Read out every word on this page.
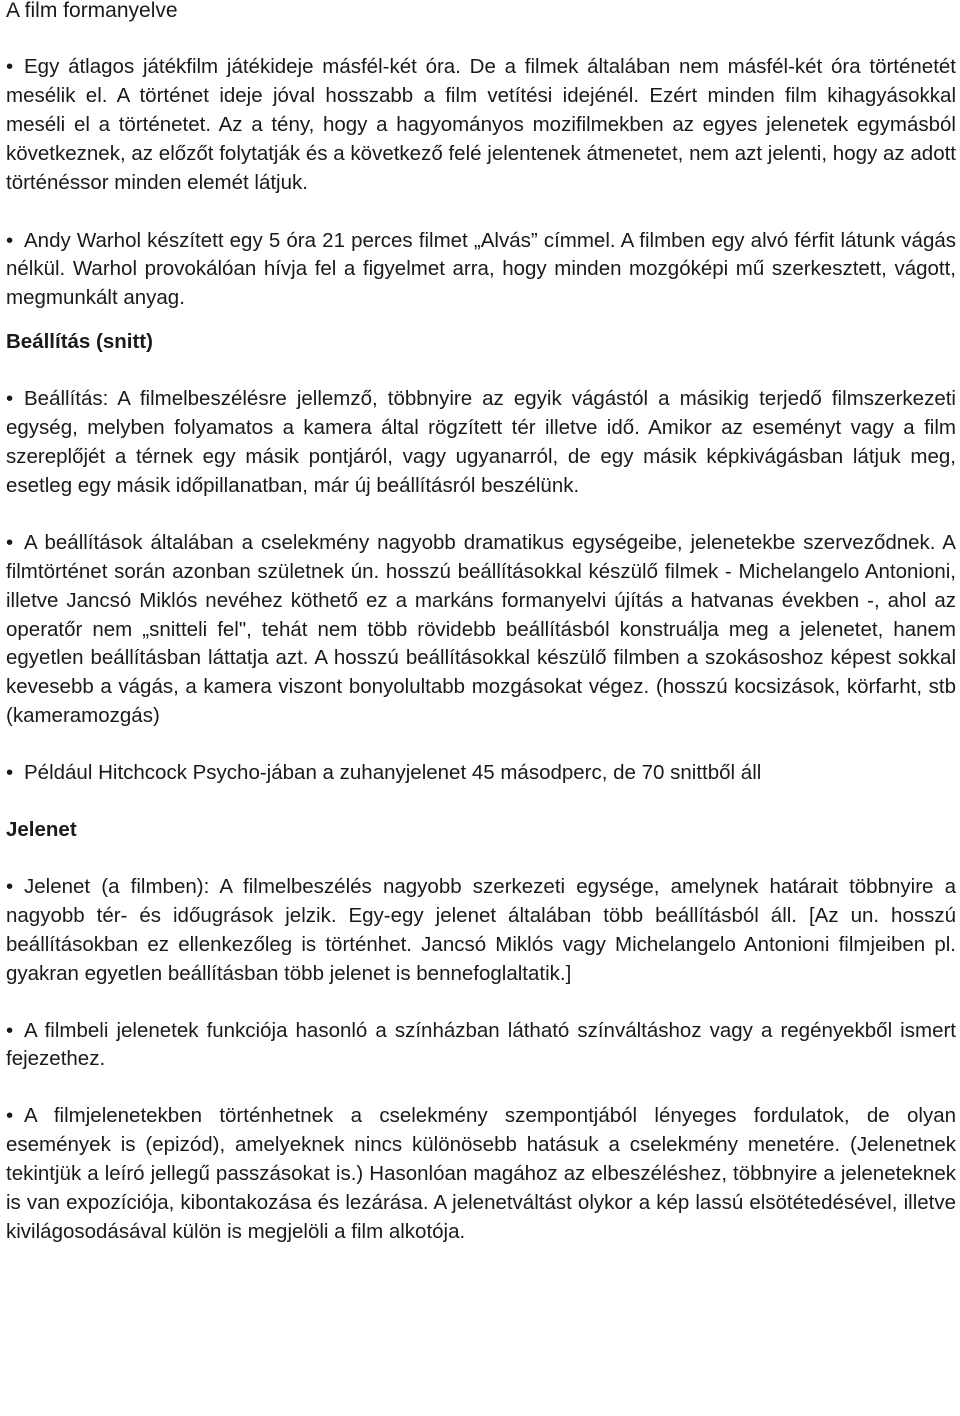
A film formanyelve

• Egy átlagos játékfilm játékideje másfél-két óra. De a filmek általában nem másfél-két óra történetét mesélik el. A történet ideje jóval hosszabb a film vetítési idejénél. Ezért minden film kihagyásokkal meséli el a történetet. Az a tény, hogy a hagyományos mozifilmekben az egyes jelenetek egymásból következnek, az előzőt folytatják és a következő felé jelentenek átmenetet, nem azt jelenti, hogy az adott történéssor minden elemét látjuk.

• Andy Warhol készített egy 5 óra 21 perces filmet „Alvás” címmel. A filmben egy alvó férfit látunk vágás nélkül. Warhol provokálóan hívja fel a figyelmet arra, hogy minden mozgóképi mű szerkesztett, vágott, megmunkált anyag.

Beállítás (snitt)

• Beállítás: A filmelbeszélésre jellemző, többnyire az egyik vágástól a másikig terjedő filmszerkezeti egység, melyben folyamatos a kamera által rögzített tér illetve idő. Amikor az eseményt vagy a film szereplőjét a térnek egy másik pontjáról, vagy ugyanarról, de egy másik képkivágásban látjuk meg, esetleg egy másik időpillanatban, már új beállításról beszélünk.

• A beállítások általában a cselekmény nagyobb dramatikus egységeibe, jelenetekbe szerveződnek. A filmtörténet során azonban születnek ún. hosszú beállításokkal készülő filmek - Michelangelo Antonioni, illetve Jancsó Miklós nevéhez köthető ez a markáns formanyelvi újítás a hatvanas években -, ahol az operatőr nem „snitteli fel", tehát nem több rövidebb beállításból konstruálja meg a jelenetet, hanem egyetlen beállításban láttatja azt. A hosszú beállításokkal készülő filmben a szokásoshoz képest sokkal kevesebb a vágás, a kamera viszont bonyolultabb mozgásokat végez. (hosszú kocsizások, körfarht, stb (kameramozgás)

• Például Hitchcock Psycho-jában a zuhanyjelenet 45 másodperc, de 70 snittből áll

Jelenet

• Jelenet (a filmben): A filmelbeszélés nagyobb szerkezeti egysége, amelynek határait többnyire a nagyobb tér- és időugrások jelzik. Egy-egy jelenet általában több beállításból áll. [Az un. hosszú beállításokban ez ellenkezőleg is történhet. Jancsó Miklós vagy Michelangelo Antonioni filmjeiben pl. gyakran egyetlen beállításban több jelenet is bennefoglaltatik.]

• A filmbeli jelenetek funkciója hasonló a színházban látható színváltáshoz vagy a regényekből ismert fejezethez.

• A filmjelenetekben történhetnek a cselekmény szempontjából lényeges fordulatok, de olyan események is (epizód), amelyeknek nincs különösebb hatásuk a cselekmény menetére. (Jelenetnek tekintjük a leíró jellegű passzásokat is.) Hasonlóan magához az elbeszéléshez, többnyire a jeleneteknek is van expozíciója, kibontakozása és lezárása. A jelenetváltást olykor a kép lassú elsötétedésével, illetve kivilágosodásával külön is megjelöli a film alkotója.
